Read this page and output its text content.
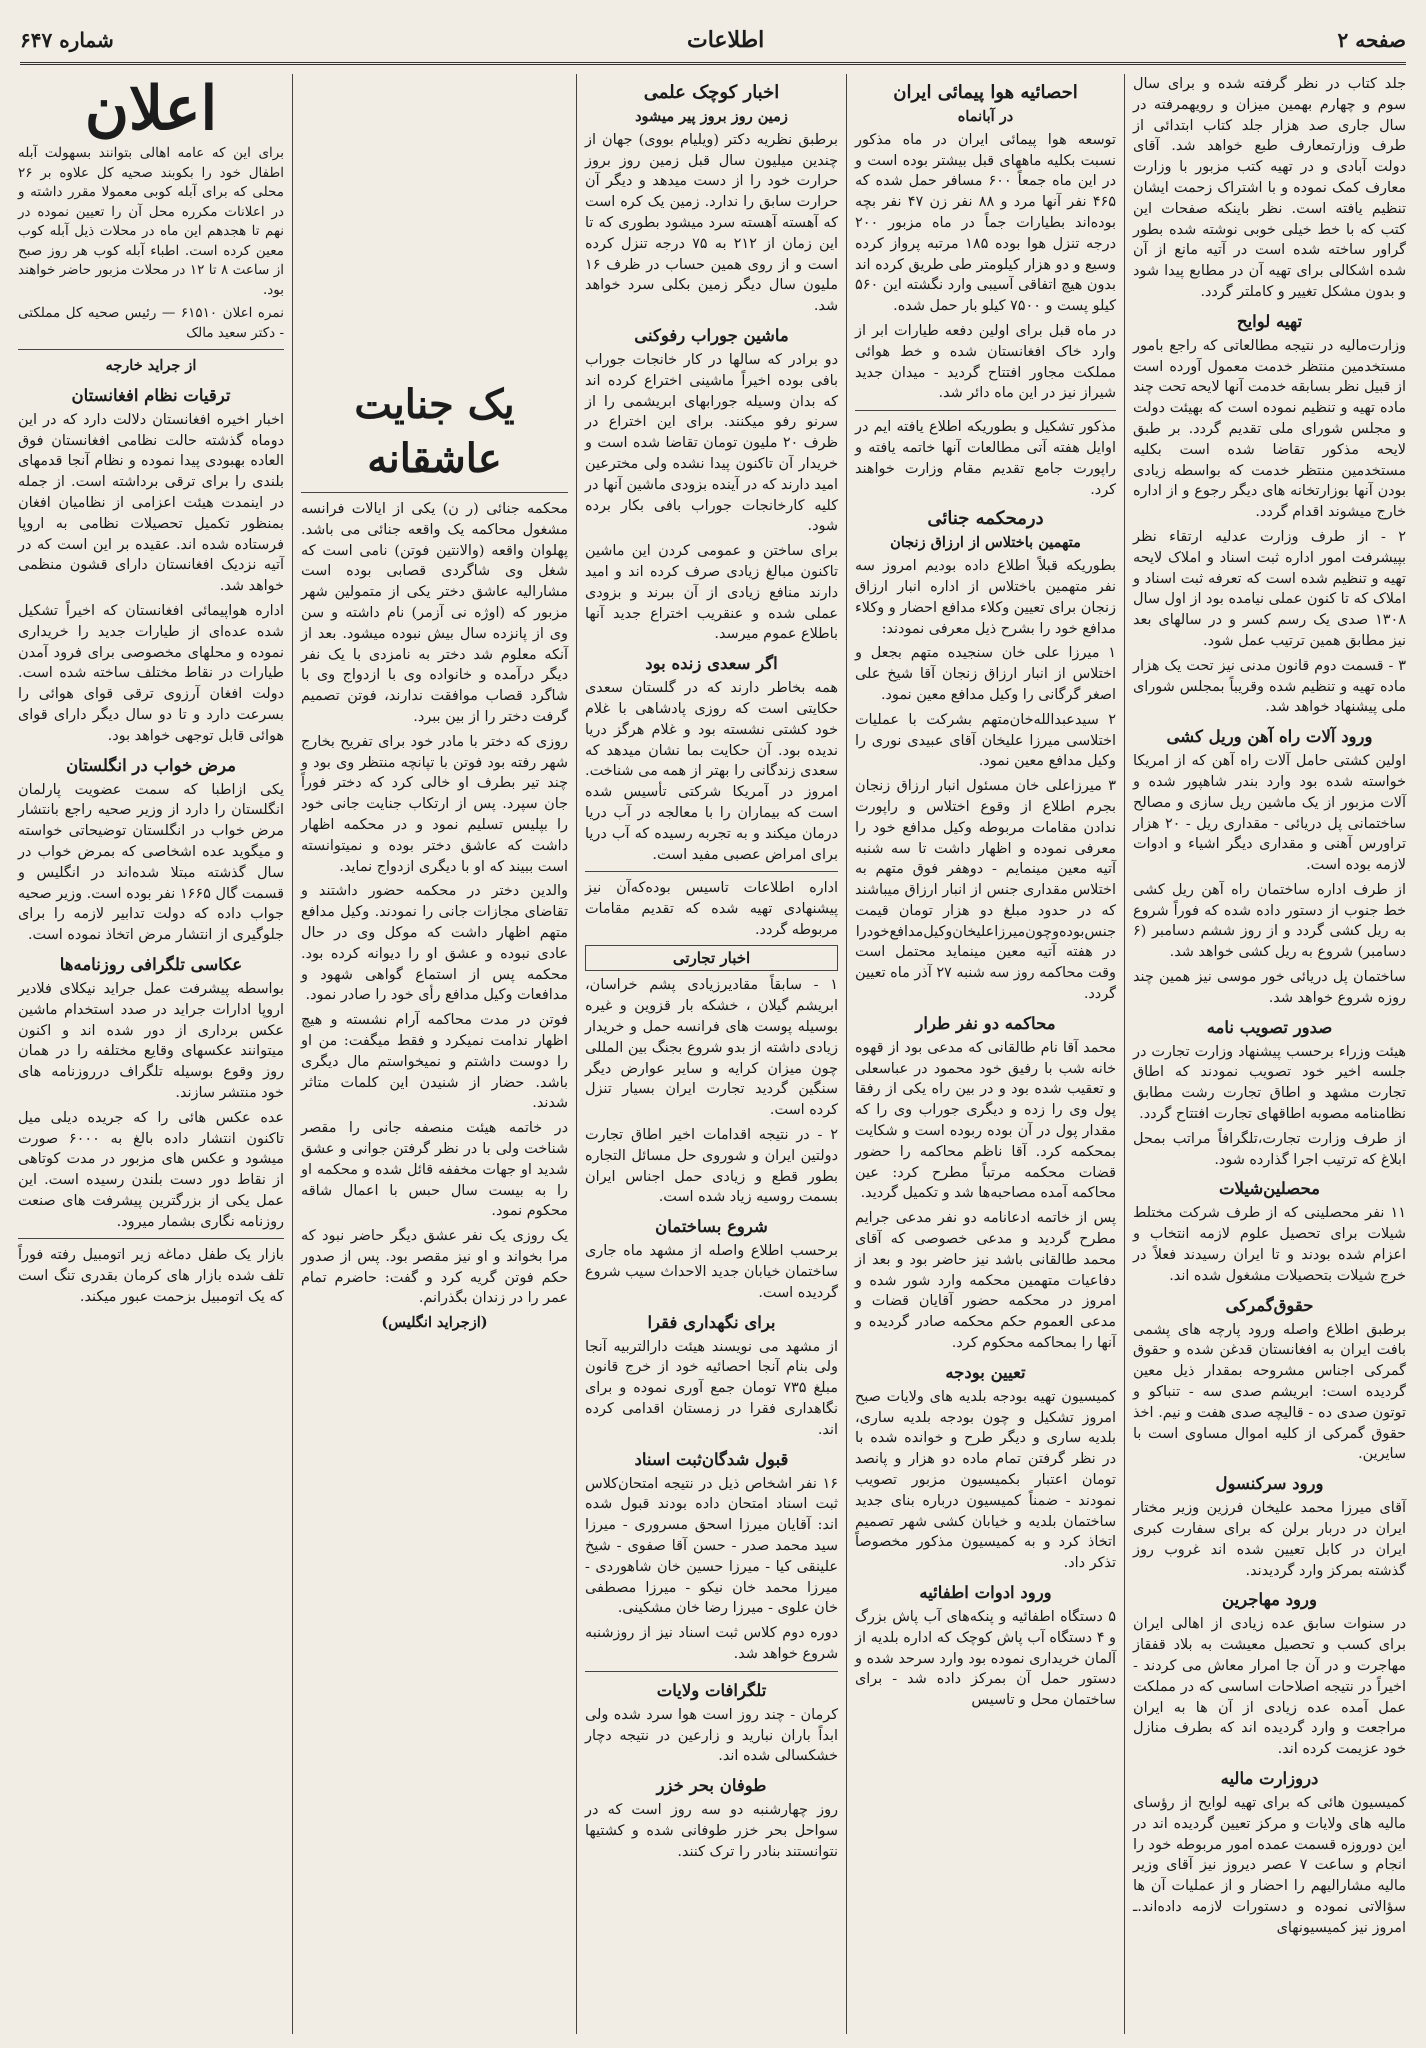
صفحه ۲
اطلاعات
شماره ۶۴۷

جلد کتاب در نظر گرفته شده و برای سال سوم و چهارم بهمین میزان و رویهمرفته در سال جاری صد هزار جلد کتاب ابتدائی از طرف وزارتمعارف طبع خواهد شد. آقای دولت آبادی و در تهیه کتب مزبور با وزارت معارف کمک نموده و با اشتراک زحمت ایشان تنظیم یافته است. نظر باینکه صفحات این کتب که با خط خیلی خوبی نوشته شده بطور گراور ساخته شده است در آتیه مانع از آن شده اشکالی برای تهیه آن در مطابع پیدا شود و بدون مشکل تغییر و کاملتر گردد.

تهیه لوایح

وزارت‌مالیه در نتیجه مطالعاتی که راجع بامور مستخدمین منتظر خدمت معمول آورده است از قبیل نظر بسابقه خدمت آنها لایحه تحت چند ماده تهیه و تنظیم نموده است که بهیئت دولت و مجلس شورای ملی تقدیم گردد. بر طبق لایحه مذکور تقاضا شده است بکلیه مستخدمین منتظر خدمت که بواسطه زیادی بودن آنها بوزارتخانه های دیگر رجوع و از اداره خارج میشوند اقدام گردد.

۲ - از طرف وزارت عدلیه ارتقاء نظر بپیشرفت امور اداره ثبت اسناد و املاک لایحه تهیه و تنظیم شده است که تعرفه ثبت اسناد و املاک که تا کنون عملی نیامده بود از اول سال ۱۳۰۸ صدی یک رسم کسر و در سالهای بعد نیز مطابق همین ترتیب عمل شود.

۳ - قسمت دوم قانون مدنی نیز تحت یک هزار ماده تهیه و تنظیم شده وقریباً بمجلس شورای ملی پیشنهاد خواهد شد.

ورود آلات راه آهن وریل کشی

اولین کشتی حامل آلات راه آهن که از امریکا خواسته شده بود وارد بندر شاهپور شده و آلات مزبور از یک ماشین ریل سازی و مصالح ساختمانی پل دریائی - مقداری ریل - ۲۰ هزار تراورس آهنی و مقداری دیگر اشیاء و ادوات لازمه بوده است.

از طرف اداره ساختمان راه آهن ریل کشی خط جنوب از دستور داده شده که فوراً شروع به ریل کشی گردد و از روز ششم دسامبر (۶ دسامبر) شروع به ریل کشی خواهد شد.

ساختمان پل دریائی خور موسی نیز همین چند روزه شروع خواهد شد.

صدور تصویب نامه

هیئت وزراء برحسب پیشنهاد وزارت تجارت در جلسه اخیر خود تصویب نمودند که اطاق تجارت مشهد و اطاق تجارت رشت مطابق نظامنامه مصوبه اطاقهای تجارت افتتاح گردد.

از طرف وزارت تجارت،تلگرافاً مراتب بمحل ابلاغ که ترتیب اجرا گذارده شود.

محصلین‌شیلات

۱۱ نفر محصلینی که از طرف شرکت مختلط شیلات برای تحصیل علوم لازمه انتخاب و اعزام شده بودند و تا ایران رسیدند فعلاً در خرج شیلات بتحصیلات مشغول شده اند.

حقوق‌گمرکی

برطبق اطلاع واصله ورود پارچه های پشمی بافت ایران به افغانستان قدغن شده و حقوق گمرکی اجناس مشروحه بمقدار ذیل معین گردیده است: ابریشم صدی سه - تنباکو و توتون صدی ده - قالیچه صدی هفت و نیم. اخذ حقوق گمرکی از کلیه‌ اموال‌ مساوی است با سایرین.

ورود سرکنسول

آقای میرزا محمد علیخان فرزین وزیر مختار ایران در دربار برلن که برای سفارت کبری ایران در کابل تعیین شده اند غروب روز گذشته بمرکز وارد گردیدند.

ورود مهاجرین

در سنوات سابق عده زیادی از اهالی ایران برای کسب و تحصیل معیشت به بلاد قفقاز مهاجرت و در آن جا امرار معاش می کردند - اخیراً در نتیجه اصلاحات اساسی که در مملکت عمل آمده عده زیادی از آن ها به ایران مراجعت و وارد گردیده اند که بطرف منازل خود عزیمت کرده اند.

دروزارت مالیه

کمیسیون هائی که برای تهیه لوایح از رؤسای مالیه های ولایات و مرکز تعیین گردیده اند در این دوروزه قسمت عمده امور مربوطه خود را انجام و ساعت ۷ عصر دیروز نیز آقای وزیر مالیه مشارالیهم را احضار و از عملیات آن ها سؤالاتی نموده و دستورات لازمه داده‌اند.ـ امروز نیز کمیسیونهای

احصائیه هوا پیمائی ایران
در آبانماه

توسعه هوا پیمائی ایران در ماه مذکور نسبت بکلیه ماههای قبل بیشتر بوده است و در این ماه جمعاً ۶۰۰ مسافر حمل شده که ۴۶۵ نفر آنها مرد و ۸۸ نفر زن ۴۷ نفر بچه بوده‌اند بطیارات جماً در ماه مزبور ۲۰۰ درجه تنزل هوا بوده ۱۸۵ مرتبه پرواز کرده وسیع و دو هزار کیلومتر طی طریق کرده اند بدون هیچ اتفاقی آسیبی وارد نگشته این ۵۶۰ کیلو پست و ۷۵۰۰ کیلو بار حمل شده.

در ماه قبل برای اولین دفعه طیارات ابر از وارد خاک افغانستان شده و خط هوائی مملکت مجاور افتتاح گردید - میدان جدید شیراز نیز در این ماه دائر شد.

مذکور تشکیل و بطوریکه اطلاع یافته ایم در اوایل هفته آتی مطالعات آنها خاتمه یافته و راپورت جامع تقدیم مقام وزارت خواهند کرد.

درمحکمه جنائی
متهمین باختلاس از ارزاق زنجان

بطوریکه قبلاً اطلاع داده بودیم امروز سه نفر متهمین باختلاس از اداره انبار ارزاق زنجان برای تعیین وکلاء مدافع احضار و وکلاء مدافع خود را بشرح ذیل معرفی نمودند:

۱ میرزا علی خان سنجیده متهم بجعل و اختلاس از انبار ارزاق زنجان آقا شیخ علی اصغر گرگانی را وکیل مدافع معین نمود.

۲ سیدعبدالله‌خان‌متهم بشرکت با عملیات اختلاسی میرزا علیخان آقای عبیدی نوری را وکیل مدافع معین نمود.

۳ میرزاعلی خان مسئول انبار ارزاق زنجان بجرم اطلاع از وقوع اختلاس و راپورت ندادن مقامات مربوطه وکیل مدافع خود را معرفی نموده و اظهار داشت تا سه شنبه آتیه معین مینمایم - دوهفر فوق متهم به اختلاس مقداری جنس از انبار ارزاق میباشند که در حدود مبلغ دو هزار تومان قیمت جنس‌بوده‌وچون‌میرزاعلیخان‌وکیل‌مدافع‌خودرا در هفته آتیه معین مینماید محتمل است وقت محاکمه روز سه شنبه ۲۷ آذر ماه تعیین گردد.

محاکمه دو نفر طرار

محمد آقا نام طالقانی که مدعی بود از قهوه خانه شب با رفیق خود محمود در عباسعلی و تعقیب شده بود و در بین راه یکی از رفقا پول وی را زده و دیگری جوراب وی را که مقدار پول در آن بوده ربوده است و شکایت بمحکمه کرد. آقا ناظم محاکمه را حضور قضات محکمه مرتباً مطرح کرد: عین محاکمه آمده مصاحبه‌ها شد و تکمیل گردید.

پس از خاتمه ادعانامه دو نفر مدعی جرایم مطرح گردید و مدعی خصوصی که آقای محمد طالقانی باشد نیز حاضر بود و بعد از دفاعیات متهمین محکمه وارد شور شده و امروز در محکمه حضور آقایان قضات و مدعی العموم حکم محکمه صادر گردیده و آنها را بمحاکمه محکوم کرد.

تعیین بودجه

کمیسیون تهیه بودجه بلدیه های ولایات صبح امروز تشکیل و چون بودجه بلدیه ساری، بلدیه ساری و دیگر طرح و خوانده شده با در نظر گرفتن تمام ماده دو هزار و پانصد تومان اعتبار بکمیسیون مزبور تصویب نمودند - ضمناً کمیسیون درباره بنای جدید ساختمان بلدیه و خیابان کشی شهر تصمیم اتخاذ کرد و به کمیسیون مذکور مخصوصاً تذکر داد.

ورود ادوات اطفائیه

۵ دستگاه اطفائیه و پنکه‌های آب‌ پاش بزرگ و ۴ دستگاه آب پاش کوچک که اداره بلدیه از آلمان خریداری نموده بود وارد سرحد شده و دستور حمل آن بمرکز داده شد - برای ساختمان محل و تاسیس

اخبار کوچک علمی
زمین روز بروز پیر میشود

برطبق نظریه دکتر (ویلیام بووی) جهان از چندین میلیون سال قبل زمین روز بروز حرارت خود را از دست میدهد و دیگر آن حرارت سابق را ندارد. زمین یک کره است که آهسته آهسته سرد میشود بطوری که تا این زمان از ۲۱۲ به ۷۵ درجه تنزل کرده است و از روی همین حساب در ظرف ۱۶ ملیون سال دیگر زمین بکلی سرد خواهد شد.

ماشین جوراب رفوکنی

دو برادر که سالها در کار خانجات جوراب بافی بوده اخیراً ماشینی اختراع کرده اند که بدان وسیله جورابهای ابریشمی را از سرنو رفو میکنند. برای این اختراع در ظرف ۲۰ ملیون تومان تقاضا شده است و خریدار آن تاکنون پیدا نشده ولی مخترعین امید دارند که در آینده بزودی ماشین آنها در کلیه کارخانجات جوراب بافی بکار برده شود.

برای ساختن و عمومی کردن این ماشین تاکنون مبالغ زیادی صرف کرده اند و امید دارند منافع زیادی از آن ببرند و بزودی عملی شده و عنقریب اختراع جدید آنها باطلاع عموم میرسد.

اگر سعدی زنده بود

همه بخاطر دارند که در گلستان سعدی حکایتی است که روزی پادشاهی با غلام خود کشتی نشسته بود و غلام هرگز دریا ندیده بود. آن حکایت بما نشان میدهد که سعدی زندگانی را بهتر از همه می شناخت. امروز در آمریکا شرکتی تأسیس شده است که بیماران را با معالجه در آب دریا درمان میکند و به تجربه رسیده که آب دریا برای امراض عصبی مفید است.

اداره اطلاعات تاسیس بوده‌که‌آن نیز پیشنهادی تهیه شده که تقدیم مقامات مربوطه گردد.

اخبار تجارتی

۱ - سابقاً مقادیرزیادی پشم خراسان، ابریشم گیلان ، خشکه بار قزوین و غیره بوسیله پوست های فرانسه حمل و خریدار زیادی داشته از بدو شروع بجنگ بین المللی چون میزان کرایه و سایر عوارض دیگر سنگین گردید تجارت ایران بسیار تنزل کرده است.

۲ - در نتیجه اقدامات اخیر اطاق تجارت دولتین ایران و شوروی حل مسائل التجاره بطور قطع و زیادی حمل اجناس ایران بسمت روسیه زیاد شده است.

شروع بساختمان

برحسب اطلاع واصله از مشهد ماه جاری ساختمان خیابان جدید الاحداث سیب شروع گردیده است.

برای نگهداری فقرا

از مشهد می نویسند هیئت دارالتربیه آنجا ولی بنام آنجا احصائیه خود از خرج قانون مبلغ ۷۳۵ تومان جمع آوری نموده و برای نگاهداری فقرا در زمستان اقدامی کرده اند.

قبول شدگان‌ثبت اسناد

۱۶ نفر اشخاص ذیل در نتیجه امتحان‌کلاس ثبت اسناد امتحان داده بودند قبول شده اند: آقایان میرزا اسحق مسروری - میرزا سید محمد صدر - حسن آقا صفوی - شیخ علینقی کیا - میرزا حسین خان شاهوردی - میرزا محمد خان نیکو - میرزا مصطفی خان علوی - میرزا رضا خان مشکینی.

دوره دوم کلاس ثبت اسناد نیز از روزشنبه شروع خواهد شد.

تلگرافات ولایات

کرمان - چند روز است هوا سرد شده ولی ابداً باران نبارید و زارعین در نتیجه دچار خشکسالی شده اند.

طوفان بحر خزر

روز چهارشنبه دو سه روز است که در سواحل بحر خزر طوفانی شده و کشتیها نتوانستند بنادر را ترک کنند.

یک جنایت عاشقانه

محکمه جنائی (ر ن) یکی از ایالات فرانسه مشغول محاکمه یک واقعه جنائی می باشد. پهلوان واقعه (والانتین فوتن) نامی است که شغل وی شاگردی قصابی بوده است مشارالیه عاشق دختر یکی از متمولین شهر مزبور که (اوژه نی آزمر) نام داشته و سن وی از پانزده سال بیش نبوده میشود. بعد از آنکه معلوم شد دختر به نامزدی با یک نفر دیگر درآمده و خانواده وی با ازدواج وی با شاگرد قصاب موافقت ندارند، فوتن تصمیم گرفت دختر را از بین ببرد.

روزی که دختر با مادر خود برای تفریح بخارج شهر رفته بود فوتن با تپانچه منتظر وی بود و چند تیر بطرف او خالی کرد که دختر فوراً جان سپرد. پس از ارتکاب جنایت جانی خود را بپلیس تسلیم نمود و در محکمه اظهار داشت که عاشق دختر بوده و نمیتوانسته است ببیند که او با دیگری ازدواج نماید.

والدین دختر در محکمه حضور داشتند و تقاضای مجازات جانی را نمودند. وکیل مدافع متهم اظهار داشت که موکل وی در حال عادی نبوده و عشق او را دیوانه کرده بود. محکمه پس از استماع گواهی شهود و مدافعات وکیل مدافع رأی خود را صادر نمود.

فوتن در مدت محاکمه آرام نشسته و هیچ اظهار ندامت نمیکرد و فقط میگفت: من او را دوست داشتم و نمیخواستم مال دیگری باشد. حضار از شنیدن این کلمات متاثر شدند.

در خاتمه هیئت منصفه جانی را مقصر شناخت ولی با در نظر گرفتن جوانی و عشق شدید او جهات مخففه قائل شده و محکمه او را به بیست سال حبس با اعمال شاقه محکوم نمود.

یک روزی یک نفر عشق دیگر حاضر نبود که مرا بخواند و او نیز مقصر بود. پس از صدور حکم فوتن گریه کرد و گفت: حاضرم تمام عمر را در زندان بگذرانم.

(ازجراید انگلیس)
اعلان

برای این که عامه اهالی بتوانند بسهولت آبله اطفال خود را بکوبند صحیه کل علاوه بر ۲۶ محلی که برای آبله کوبی معمولا مقرر داشته و در اعلانات مکرره محل آن را تعیین نموده در نهم تا هجدهم این ماه در محلات ذیل آبله کوب معین کرده است. اطباء آبله کوب هر روز صبح از ساعت ۸ تا ۱۲ در محلات مزبور حاضر خواهند بود.

نمره اعلان ۶۱۵۱۰ — رئیس صحیه کل مملکتی - دکتر سعید مالک

از جراید خارجه
ترقیات نظام افغانستان

اخبار اخیره افغانستان دلالت دارد که در این دوماه گذشته حالت نظامی افغانستان فوق العاده بهبودی پیدا نموده و نظام آنجا قدمهای بلندی را برای ترقی برداشته است. از جمله در اینمدت هیئت اعزامی از نظامیان افغان بمنظور تکمیل تحصیلات نظامی به اروپا فرستاده شده اند. عقیده بر این است که در آتیه نزدیک افغانستان دارای قشون منظمی خواهد شد.

اداره هواپیمائی افغانستان که اخیراً تشکیل شده عده‌ای از طیارات جدید را خریداری نموده و محلهای مخصوصی برای فرود آمدن طیارات در نقاط مختلف ساخته شده است. دولت افغان آرزوی ترقی قوای هوائی را بسرعت دارد و تا دو سال دیگر دارای قوای هوائی قابل توجهی خواهد بود.

مرض خواب در انگلستان

یکی ازاطبا که سمت عضویت پارلمان انگلستان را دارد از وزیر صحیه راجع بانتشار مرض خواب در انگلستان توضیحاتی خواسته و میگوید عده اشخاصی که بمرض خواب در سال گذشته مبتلا شده‌اند در انگلیس و قسمت گال ۱۶۶۵ نفر بوده است. وزیر صحیه جواب داده که دولت تدابیر لازمه را برای جلوگیری از انتشار مرض اتخاذ نموده است.

عکاسی تلگرافی روزنامه‌ها

بواسطه پیشرفت عمل جراید نیکلای فلادیر اروپا ادارات جراید در صدد استخدام ماشین عکس برداری از دور شده اند و اکنون میتوانند عکسهای وقایع مختلفه را در همان روز وقوع بوسیله تلگراف درروزنامه های خود منتشر سازند.

عده عکس هائی را که جریده دیلی میل تاکنون انتشار داده بالغ به ۶۰۰۰ صورت میشود و عکس های مزبور در مدت کوتاهی از نقاط دور دست بلندن رسیده است. این عمل یکی از بزرگترین پیشرفت های صنعت روزنامه نگاری بشمار میرود.

بازار یک طفل دماغه زیر اتومبیل رفته فوراً تلف شده بازار های کرمان بقدری تنگ است که یک اتومبیل بزحمت عبور میکند.
